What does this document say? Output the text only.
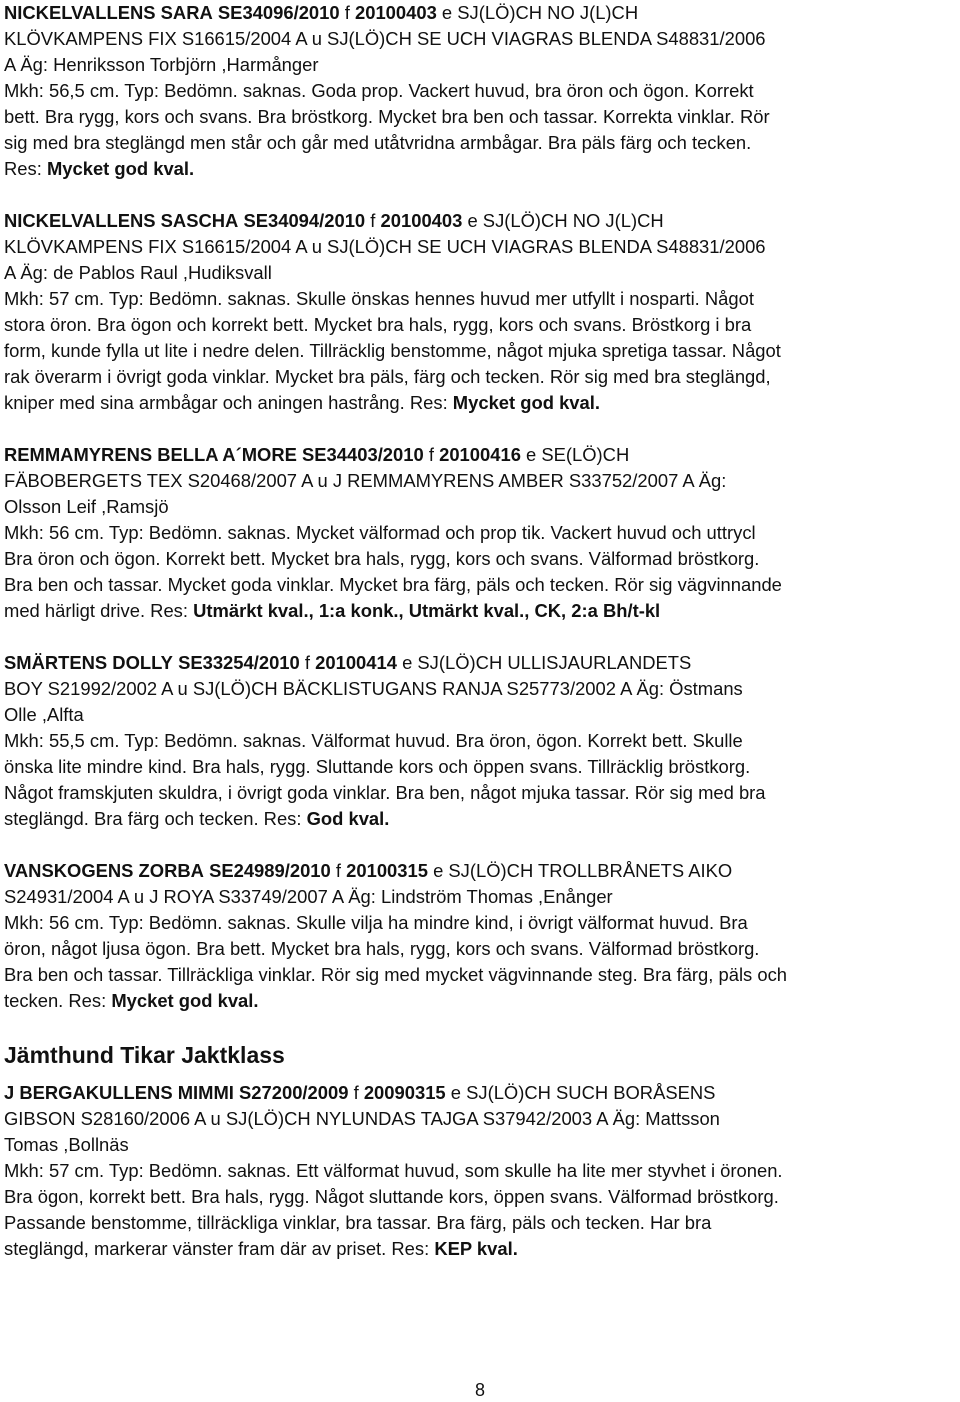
NICKELVALLENS SARA SE34096/2010 f 20100403 e SJ(LÖ)CH NO J(L)CH
KLÖVKAMPENS FIX S16615/2004 A u SJ(LÖ)CH SE UCH VIAGRAS BLENDA S48831/2006
A Äg: Henriksson Torbjörn ,Harmånger
Mkh: 56,5 cm. Typ: Bedömn. saknas. Goda prop. Vackert huvud, bra öron och ögon. Korrekt
bett. Bra rygg, kors och svans. Bra bröstkorg. Mycket bra ben och tassar. Korrekta vinklar. Rör
sig med bra steglängd men står och går med utåtvridna armbågar. Bra päls färg och tecken.
Res: Mycket god kval.

NICKELVALLENS SASCHA SE34094/2010 f 20100403 e SJ(LÖ)CH NO J(L)CH
KLÖVKAMPENS FIX S16615/2004 A u SJ(LÖ)CH SE UCH VIAGRAS BLENDA S48831/2006
A Äg: de Pablos Raul ,Hudiksvall
Mkh: 57 cm. Typ: Bedömn. saknas. Skulle önskas hennes huvud mer utfyllt i nosparti. Något
stora öron. Bra ögon och korrekt bett. Mycket bra hals, rygg, kors och svans. Bröstkorg i bra
form, kunde fylla ut lite i nedre delen. Tillräcklig benstomme, något mjuka spretiga tassar. Något
rak överarm i övrigt goda vinklar. Mycket bra päls, färg och tecken. Rör sig med bra steglängd,
kniper med sina armbågar och aningen hastrång. Res: Mycket god kval.

REMMAMYRENS BELLA A´MORE SE34403/2010 f 20100416 e SE(LÖ)CH
FÄBOBERGETS TEX S20468/2007 A u J REMMAMYRENS AMBER S33752/2007 A Äg:
Olsson Leif ,Ramsjö
Mkh: 56 cm. Typ: Bedömn. saknas. Mycket välformad och prop tik. Vackert huvud och uttrycl
Bra öron och ögon. Korrekt bett. Mycket bra hals, rygg, kors och svans. Välformad bröstkorg.
Bra ben och tassar. Mycket goda vinklar. Mycket bra färg, päls och tecken. Rör sig vägvinnande
med härligt drive. Res: Utmärkt kval., 1:a konk., Utmärkt kval., CK, 2:a Bh/t-kl

SMÄRTENS DOLLY SE33254/2010 f 20100414 e SJ(LÖ)CH ULLISJAURLANDETS
BOY S21992/2002 A u SJ(LÖ)CH BÄCKLISTUGANS RANJA S25773/2002 A Äg: Östmans
Olle ,Alfta
Mkh: 55,5 cm. Typ: Bedömn. saknas. Välformat huvud. Bra öron, ögon. Korrekt bett. Skulle
önska lite mindre kind. Bra hals, rygg. Sluttande kors och öppen svans. Tillräcklig bröstkorg.
Något framskjuten skuldra, i övrigt goda vinklar. Bra ben, något mjuka tassar. Rör sig med bra
steglängd. Bra färg och tecken. Res: God kval.

VANSKOGENS ZORBA SE24989/2010 f 20100315 e SJ(LÖ)CH TROLLBRÅNETS AIKO
S24931/2004 A u J ROYA S33749/2007 A Äg: Lindström Thomas ,Enånger
Mkh: 56 cm. Typ: Bedömn. saknas. Skulle vilja ha mindre kind, i övrigt välformat huvud. Bra
öron, något ljusa ögon. Bra bett. Mycket bra hals, rygg, kors och svans. Välformad bröstkorg.
Bra ben och tassar. Tillräckliga vinklar. Rör sig med mycket vägvinnande steg. Bra färg, päls och
tecken. Res: Mycket god kval.

Jämthund Tikar Jaktklass

J BERGAKULLENS MIMMI S27200/2009 f 20090315 e SJ(LÖ)CH SUCH BORÅSENS
GIBSON S28160/2006 A u SJ(LÖ)CH NYLUNDAS TAJGA S37942/2003 A Äg: Mattsson
Tomas ,Bollnäs
Mkh: 57 cm. Typ: Bedömn. saknas. Ett välformat huvud, som skulle ha lite mer styvhet i öronen.
Bra ögon, korrekt bett. Bra hals, rygg. Något sluttande kors, öppen svans. Välformad bröstkorg.
Passande benstomme, tillräckliga vinklar, bra tassar. Bra färg, päls och tecken. Har bra
steglängd, markerar vänster fram där av priset. Res: KEP kval.

8
